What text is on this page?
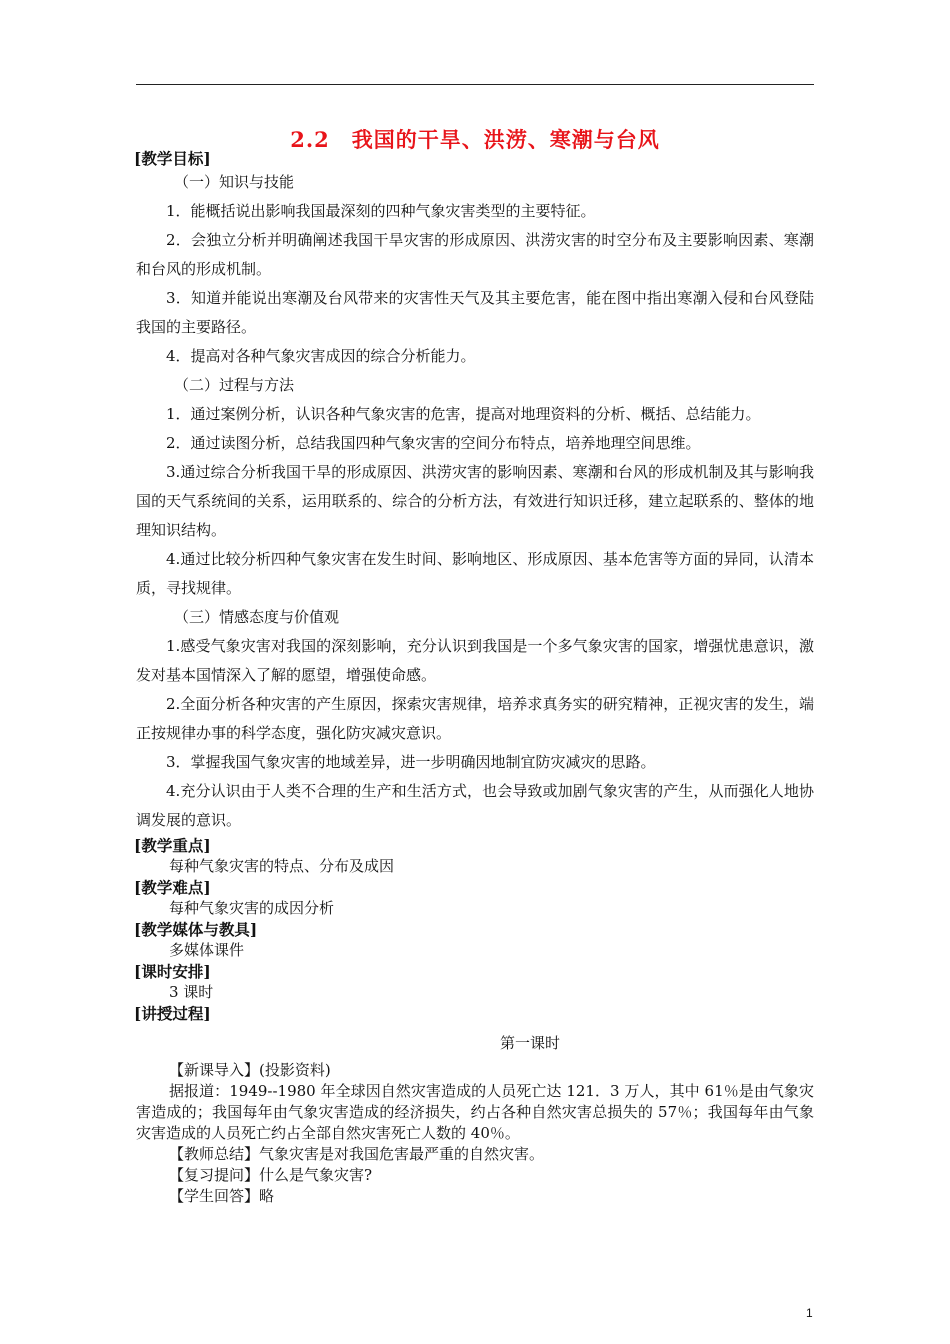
2.2 我国的干旱、洪涝、寒潮与台风
[教学目标]
（一）知识与技能
1．能概括说出影响我国最深刻的四种气象灾害类型的主要特征。
2．会独立分析并明确阐述我国干旱灾害的形成原因、洪涝灾害的时空分布及主要影响因素、寒潮和台风的形成机制。
3．知道并能说出寒潮及台风带来的灾害性天气及其主要危害，能在图中指出寒潮入侵和台风登陆我国的主要路径。
4．提高对各种气象灾害成因的综合分析能力。
（二）过程与方法
1．通过案例分析，认识各种气象灾害的危害，提高对地理资料的分析、概括、总结能力。
2．通过读图分析，总结我国四种气象灾害的空间分布特点，培养地理空间思维。
3.通过综合分析我国干旱的形成原因、洪涝灾害的影响因素、寒潮和台风的形成机制及其与影响我国的天气系统间的关系，运用联系的、综合的分析方法，有效进行知识迁移，建立起联系的、整体的地理知识结构。
4.通过比较分析四种气象灾害在发生时间、影响地区、形成原因、基本危害等方面的异同，认清本质，寻找规律。
（三）情感态度与价值观
1.感受气象灾害对我国的深刻影响，充分认识到我国是一个多气象灾害的国家，增强忧患意识，激发对基本国情深入了解的愿望，增强使命感。
2.全面分析各种灾害的产生原因，探索灾害规律，培养求真务实的研究精神，正视灾害的发生，端正按规律办事的科学态度，强化防灾减灾意识。
3．掌握我国气象灾害的地域差异，进一步明确因地制宜防灾减灾的思路。
4.充分认识由于人类不合理的生产和生活方式，也会导致或加剧气象灾害的产生，从而强化人地协调发展的意识。
[教学重点]
每种气象灾害的特点、分布及成因
[教学难点]
每种气象灾害的成因分析
[教学媒体与教具]
多媒体课件
[课时安排]
3 课时
[讲授过程]
第一课时
【新课导入】(投影资料)
据报道：1949--1980 年全球因自然灾害造成的人员死亡达 121．3 万人，其中 61％是由气象灾害造成的；我国每年由气象灾害造成的经济损失，约占各种自然灾害总损失的 57％；我国每年由气象灾害造成的人员死亡约占全部自然灾害死亡人数的 40％。
【教师总结】气象灾害是对我国危害最严重的自然灾害。
【复习提问】什么是气象灾害?
【学生回答】略
1
